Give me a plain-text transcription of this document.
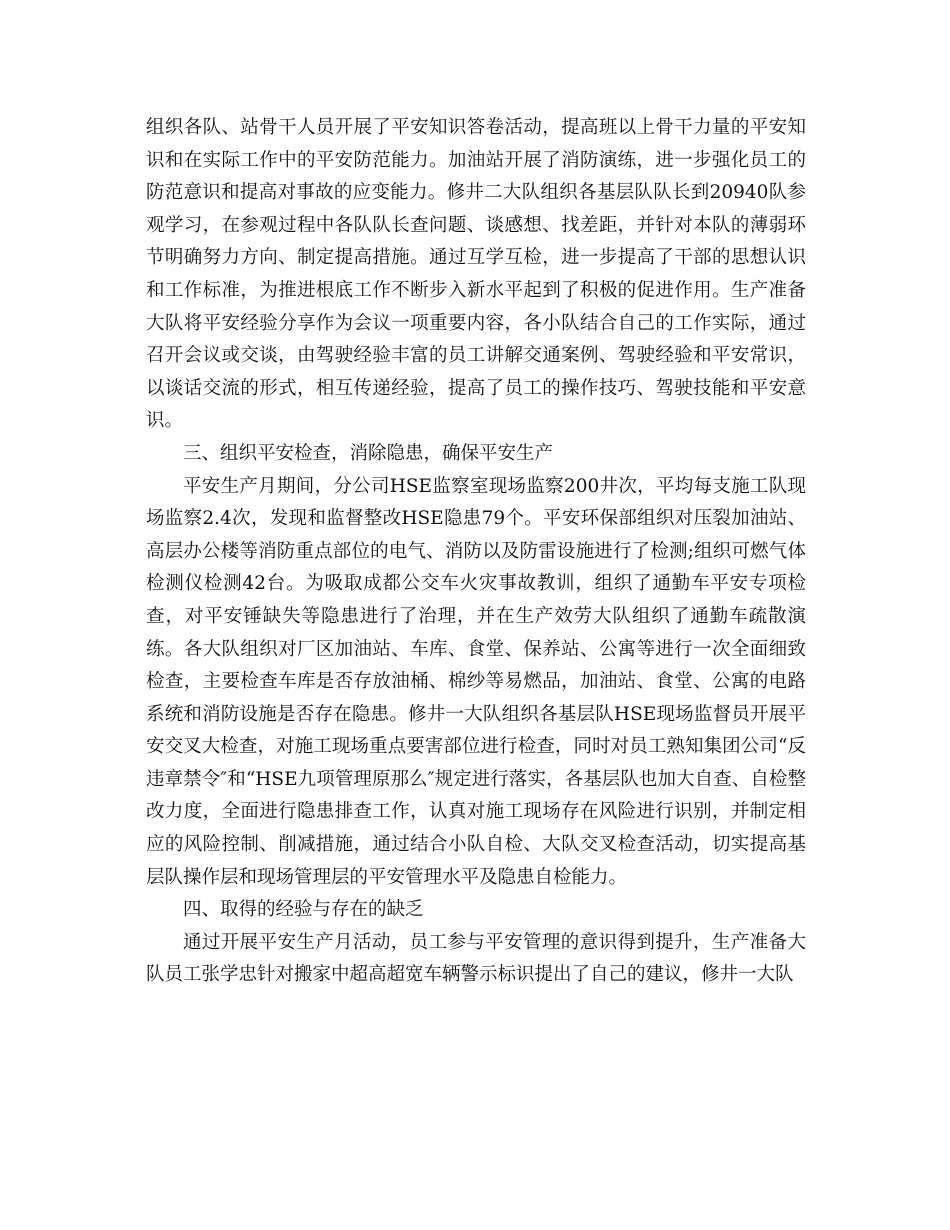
组织各队、站骨干人员开展了平安知识答卷活动，提高班以上骨干力量的平安知识和在实际工作中的平安防范能力。加油站开展了消防演练，进一步强化员工的防范意识和提高对事故的应变能力。修井二大队组织各基层队队长到20940队参观学习，在参观过程中各队队长查问题、谈感想、找差距，并针对本队的薄弱环节明确努力方向、制定提高措施。通过互学互检，进一步提高了干部的思想认识和工作标准，为推进根底工作不断步入新水平起到了积极的促进作用。生产准备大队将平安经验分享作为会议一项重要内容，各小队结合自己的工作实际，通过召开会议或交谈，由驾驶经验丰富的员工讲解交通案例、驾驶经验和平安常识，以谈话交流的形式，相互传递经验，提高了员工的操作技巧、驾驶技能和平安意识。

三、组织平安检查，消除隐患，确保平安生产

平安生产月期间，分公司HSE监察室现场监察200井次，平均每支施工队现场监察2.4次，发现和监督整改HSE隐患79个。平安环保部组织对压裂加油站、高层办公楼等消防重点部位的电气、消防以及防雷设施进行了检测;组织可燃气体检测仪检测42台。为吸取成都公交车火灾事故教训，组织了通勤车平安专项检查，对平安锤缺失等隐患进行了治理，并在生产效劳大队组织了通勤车疏散演练。各大队组织对厂区加油站、车库、食堂、保养站、公寓等进行一次全面细致检查，主要检查车库是否存放油桶、棉纱等易燃品，加油站、食堂、公寓的电路系统和消防设施是否存在隐患。修井一大队组织各基层队HSE现场监督员开展平安交叉大检查，对施工现场重点要害部位进行检查，同时对员工熟知集团公司“反违章禁令″和“HSE九项管理原那么″规定进行落实，各基层队也加大自查、自检整改力度，全面进行隐患排查工作，认真对施工现场存在风险进行识别，并制定相应的风险控制、削减措施，通过结合小队自检、大队交叉检查活动，切实提高基层队操作层和现场管理层的平安管理水平及隐患自检能力。

四、取得的经验与存在的缺乏

通过开展平安生产月活动，员工参与平安管理的意识得到提升，生产准备大队员工张学忠针对搬家中超高超宽车辆警示标识提出了自己的建议，修井一大队
